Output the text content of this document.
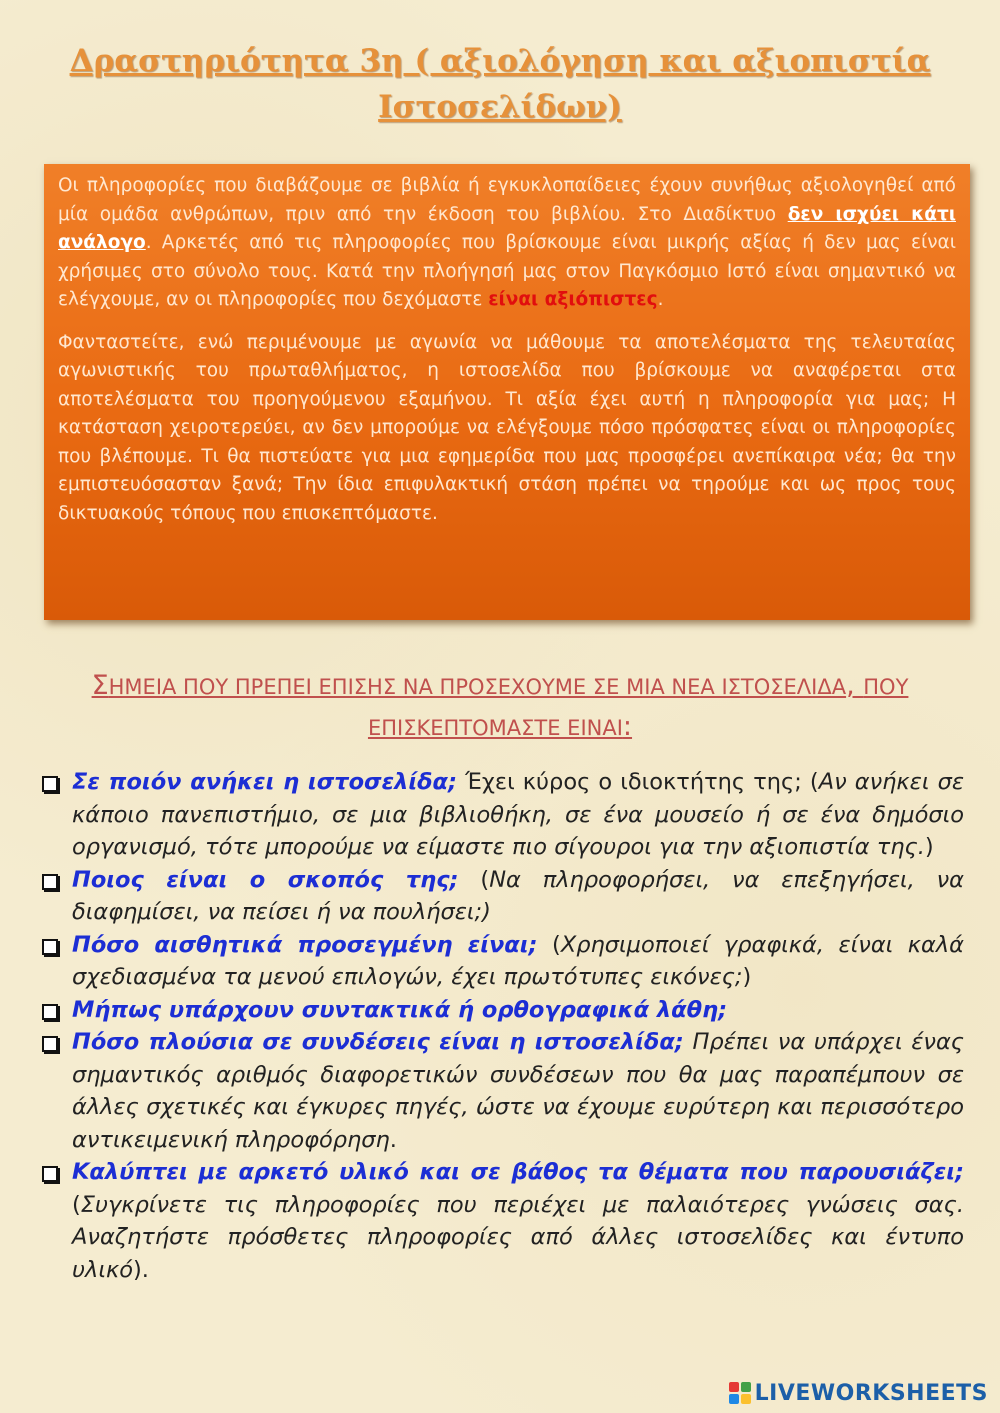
Δραστηριότητα 3η ( αξιολόγηση και αξιοπιστία Ιστοσελίδων)

Οι πληροφορίες που διαβάζουμε σε βιβλία ή εγκυκλοπαίδειες έχουν συνήθως αξιολογηθεί από μία ομάδα ανθρώπων, πριν από την έκδοση του βιβλίου. Στο Διαδίκτυο δεν ισχύει κάτι ανάλογο. Αρκετές από τις πληροφορίες που βρίσκουμε είναι μικρής αξίας ή δεν μας είναι χρήσιμες στο σύνολο τους. Κατά την πλοήγησή μας στον Παγκόσμιο Ιστό είναι σημαντικό να ελέγχουμε, αν οι πληροφορίες που δεχόμαστε είναι αξιόπιστες.

Φανταστείτε, ενώ περιμένουμε με αγωνία να μάθουμε τα αποτελέσματα της τελευταίας αγωνιστικής του πρωταθλήματος, η ιστοσελίδα που βρίσκουμε να αναφέρεται στα αποτελέσματα του προηγούμενου εξαμήνου. Τι αξία έχει αυτή η πληροφορία για μας; Η κατάσταση χειροτερεύει, αν δεν μπορούμε να ελέγξουμε πόσο πρόσφατες είναι οι πληροφορίες που βλέπουμε. Τι θα πιστεύατε για μια εφημερίδα που μας προσφέρει ανεπίκαιρα νέα; θα την εμπιστευόσασταν ξανά; Την ίδια επιφυλακτική στάση πρέπει να τηρούμε και ως προς τους δικτυακούς τόπους που επισκεπτόμαστε.

ΣΗΜΕΙΑ ΠΟΥ ΠΡΕΠΕΙ ΕΠΙΣΗΣ ΝΑ ΠΡΟΣΕΧΟΥΜΕ ΣΕ ΜΙΑ ΝΕΑ ΙΣΤΟΣΕΛΙΔΑ, ΠΟΥ
ΕΠΙΣΚΕΠΤΟΜΑΣΤΕ ΕΙΝΑΙ:
Σε ποιόν ανήκει η ιστοσελίδα; Έχει κύρος ο ιδιοκτήτης της; (Αν ανήκει σε κάποιο πανεπιστήμιο, σε μια βιβλιοθήκη, σε ένα μουσείο ή σε ένα δημόσιο οργανισμό, τότε μπορούμε να είμαστε πιο σίγουροι για την αξιοπιστία της.)
Ποιος είναι ο σκοπός της; (Να πληροφορήσει, να επεξηγήσει, να διαφημίσει, να πείσει ή να πουλήσει;)
Πόσο αισθητικά προσεγμένη είναι; (Χρησιμοποιεί γραφικά, είναι καλά σχεδιασμένα τα μενού επιλογών, έχει πρωτότυπες εικόνες;)
Μήπως υπάρχουν συντακτικά ή ορθογραφικά λάθη;
Πόσο πλούσια σε συνδέσεις είναι η ιστοσελίδα; Πρέπει να υπάρχει ένας σημαντικός αριθμός διαφορετικών συνδέσεων που θα μας παραπέμπουν σε άλλες σχετικές και έγκυρες πηγές, ώστε να έχουμε ευρύτερη και περισσότερο αντικειμενική πληροφόρηση.
Καλύπτει με αρκετό υλικό και σε βάθος τα θέματα που παρουσιάζει; (Συγκρίνετε τις πληροφορίες που περιέχει με παλαιότερες γνώσεις σας. Αναζητήστε πρόσθετες πληροφορίες από άλλες ιστοσελίδες και έντυπο υλικό).
LIVEWORKSHEETS
